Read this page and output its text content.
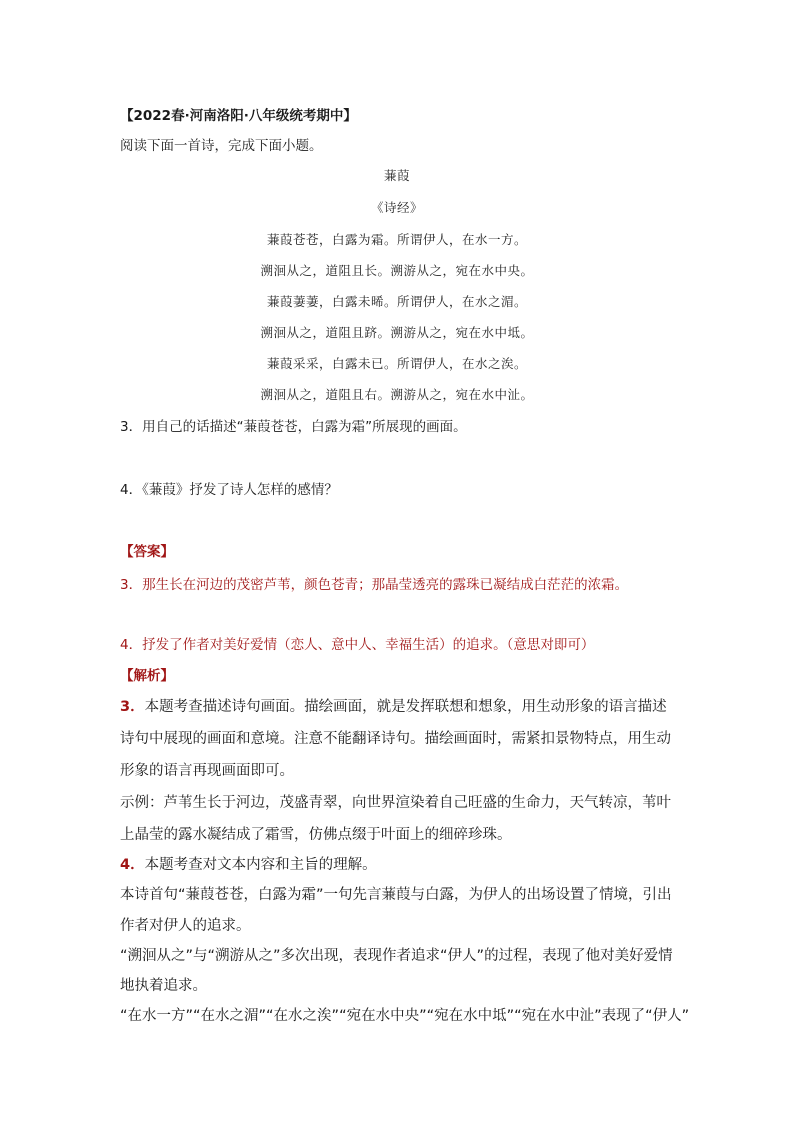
【2022春·河南洛阳·八年级统考期中】
阅读下面一首诗，完成下面小题。
蒹葭
《诗经》
蒹葭苍苍，白露为霜。所谓伊人，在水一方。
溯洄从之，道阻且长。溯游从之，宛在水中央。
蒹葭萋萋，白露未晞。所谓伊人，在水之湄。
溯洄从之，道阻且跻。溯游从之，宛在水中坻。
蒹葭采采，白露未已。所谓伊人，在水之涘。
溯洄从之，道阻且右。溯游从之，宛在水中沚。
3．用自己的话描述“蒹葭苍苍，白露为霜”所展现的画面。
4．《蒹葭》抒发了诗人怎样的感情？
【答案】
3．那生长在河边的茂密芦苇，颜色苍青；那晶莹透亮的露珠已凝结成白茫茫的浓霜。
4．抒发了作者对美好爱情（恋人、意中人、幸福生活）的追求。（意思对即可）
【解析】
3．本题考查描述诗句画面。描绘画面，就是发挥联想和想象，用生动形象的语言描述
诗句中展现的画面和意境。注意不能翻译诗句。描绘画面时，需紧扣景物特点，用生动
形象的语言再现画面即可。
示例：芦苇生长于河边，茂盛青翠，向世界渲染着自己旺盛的生命力，天气转凉，苇叶
上晶莹的露水凝结成了霜雪，仿佛点缀于叶面上的细碎珍珠。
4．本题考查对文本内容和主旨的理解。
本诗首句“蒹葭苍苍，白露为霜”一句先言蒹葭与白露，为伊人的出场设置了情境，引出
作者对伊人的追求。
“溯洄从之”与“溯游从之”多次出现，表现作者追求“伊人”的过程，表现了他对美好爱情
地执着追求。
“在水一方”“在水之湄”“在水之涘”“宛在水中央”“宛在水中坻”“宛在水中沚”表现了“伊人”
